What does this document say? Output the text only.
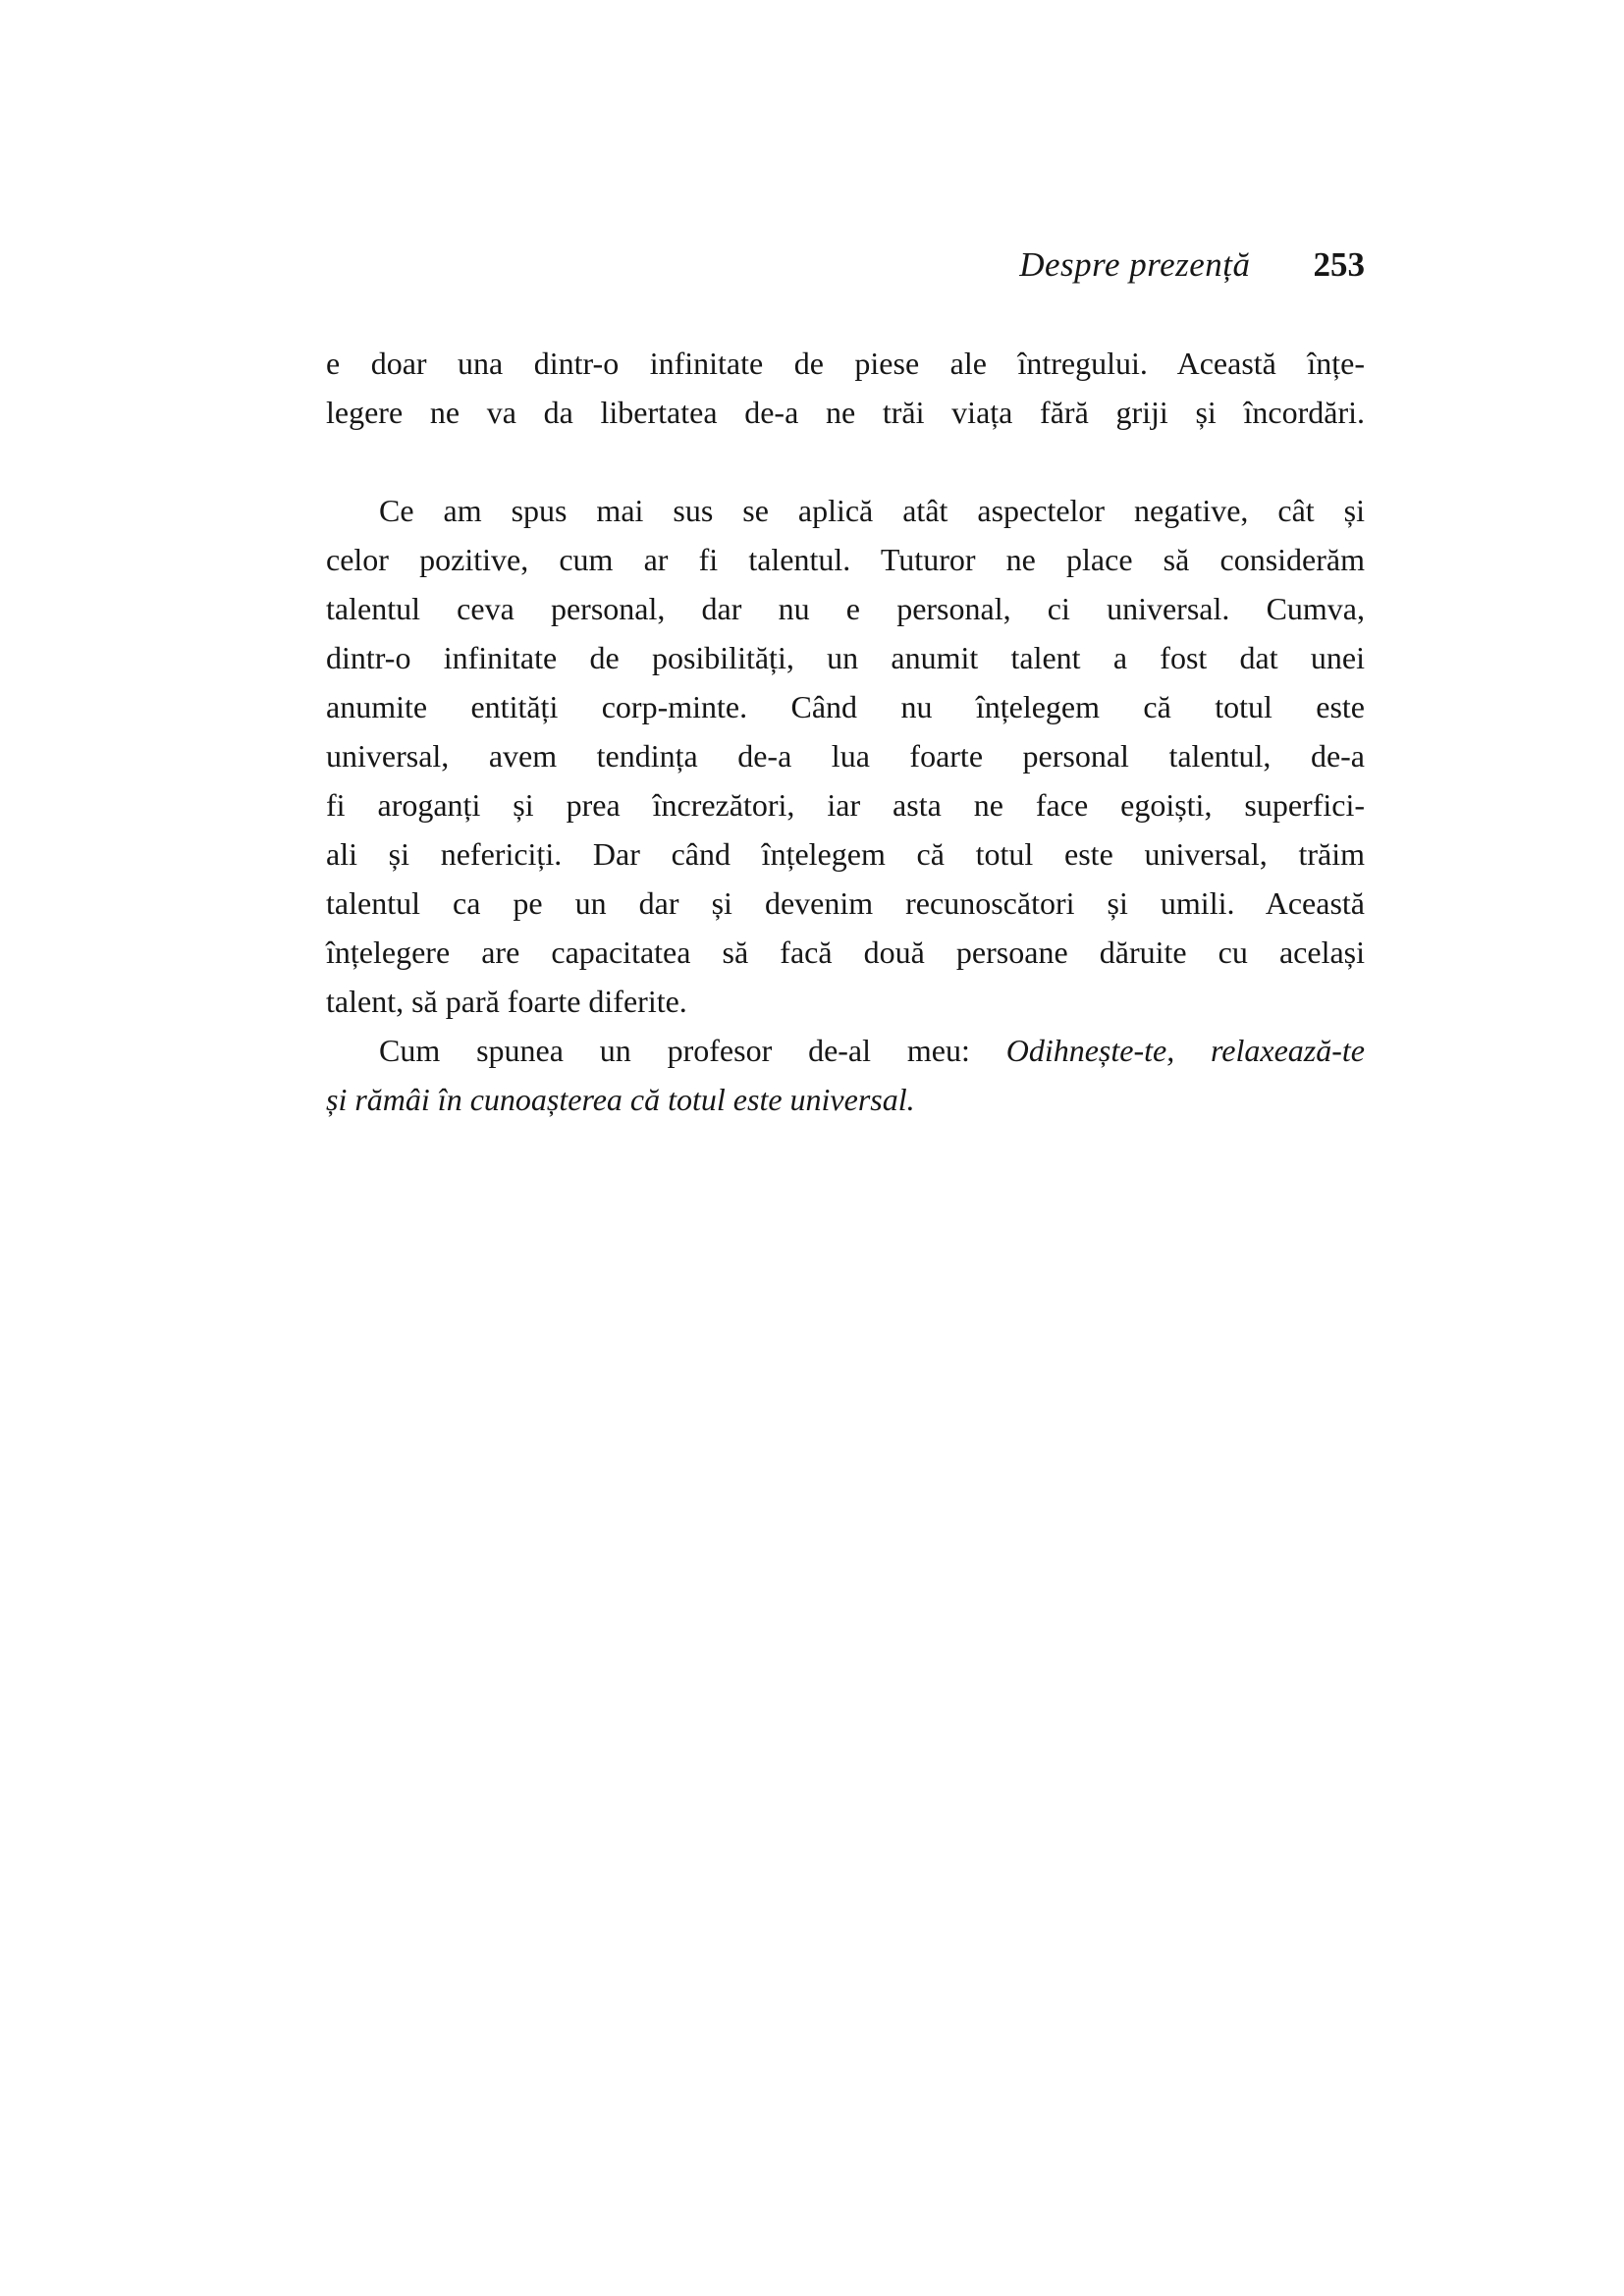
Despre prezență 253
e doar una dintr-o infinitate de piese ale întregului. Această înțe-
legere ne va da libertatea de-a ne trăi viața fără griji și încordări.
Ce am spus mai sus se aplică atât aspectelor negative, cât și
celor pozitive, cum ar fi talentul. Tuturor ne place să considerăm
talentul ceva personal, dar nu e personal, ci universal. Cumva,
dintr-o infinitate de posibilități, un anumit talent a fost dat unei
anumite entități corp-minte. Când nu înțelegem că totul este
universal, avem tendința de-a lua foarte personal talentul, de-a
fi aroganți și prea încrezători, iar asta ne face egoiști, superfici-
ali și nefericiți. Dar când înțelegem că totul este universal, trăim
talentul ca pe un dar și devenim recunoscători și umili. Această
înțelegere are capacitatea să facă două persoane dăruite cu același
talent, să pară foarte diferite.
Cum spunea un profesor de-al meu: Odihnește-te, relaxează-te
și rămâi în cunoașterea că totul este universal.
